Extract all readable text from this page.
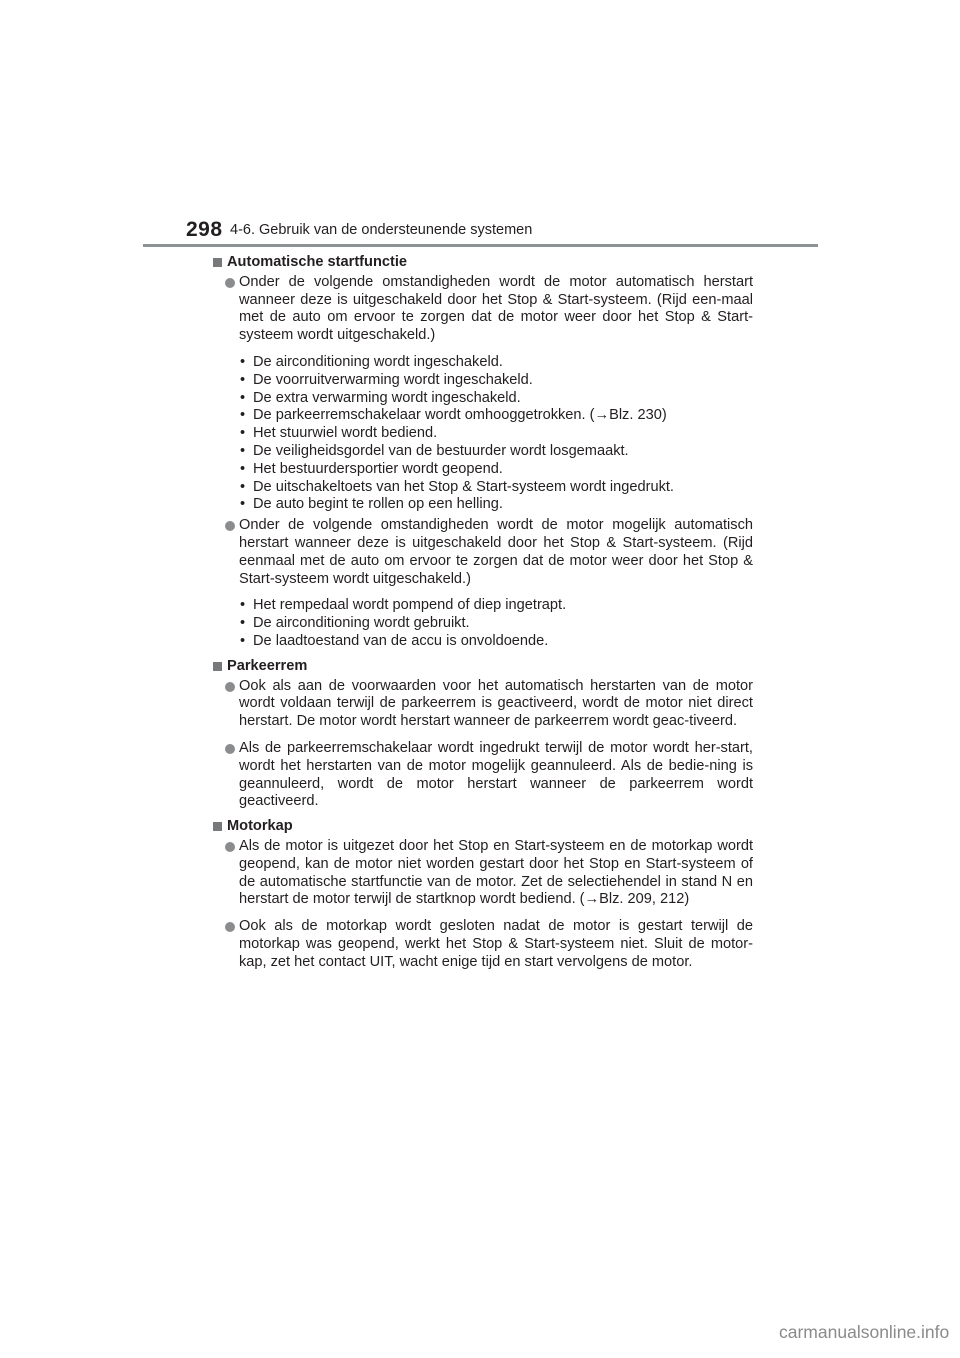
298 4-6. Gebruik van de ondersteunende systemen
Automatische startfunctie
Onder de volgende omstandigheden wordt de motor automatisch herstart wanneer deze is uitgeschakeld door het Stop & Start-systeem. (Rijd een-maal met de auto om ervoor te zorgen dat de motor weer door het Stop & Start-systeem wordt uitgeschakeld.)
• De airconditioning wordt ingeschakeld.
• De voorruitverwarming wordt ingeschakeld.
• De extra verwarming wordt ingeschakeld.
• De parkeerremschakelaar wordt omhooggetrokken. (→Blz. 230)
• Het stuurwiel wordt bediend.
• De veiligheidsgordel van de bestuurder wordt losgemaakt.
• Het bestuurdersportier wordt geopend.
• De uitschakeltoets van het Stop & Start-systeem wordt ingedrukt.
• De auto begint te rollen op een helling.
Onder de volgende omstandigheden wordt de motor mogelijk automatisch herstart wanneer deze is uitgeschakeld door het Stop & Start-systeem. (Rijd eenmaal met de auto om ervoor te zorgen dat de motor weer door het Stop & Start-systeem wordt uitgeschakeld.)
• Het rempedaal wordt pompend of diep ingetrapt.
• De airconditioning wordt gebruikt.
• De laadtoestand van de accu is onvoldoende.
Parkeerrem
Ook als aan de voorwaarden voor het automatisch herstarten van de motor wordt voldaan terwijl de parkeerrem is geactiveerd, wordt de motor niet direct herstart. De motor wordt herstart wanneer de parkeerrem wordt geac-tiveerd.
Als de parkeerremschakelaar wordt ingedrukt terwijl de motor wordt her-start, wordt het herstarten van de motor mogelijk geannuleerd. Als de bedie-ning is geannuleerd, wordt de motor herstart wanneer de parkeerrem wordt geactiveerd.
Motorkap
Als de motor is uitgezet door het Stop en Start-systeem en de motorkap wordt geopend, kan de motor niet worden gestart door het Stop en Start-systeem of de automatische startfunctie van de motor. Zet de selectiehendel in stand N en herstart de motor terwijl de startknop wordt bediend. (→Blz. 209, 212)
Ook als de motorkap wordt gesloten nadat de motor is gestart terwijl de motorkap was geopend, werkt het Stop & Start-systeem niet. Sluit de motor-kap, zet het contact UIT, wacht enige tijd en start vervolgens de motor.
carmanualsonline.info
